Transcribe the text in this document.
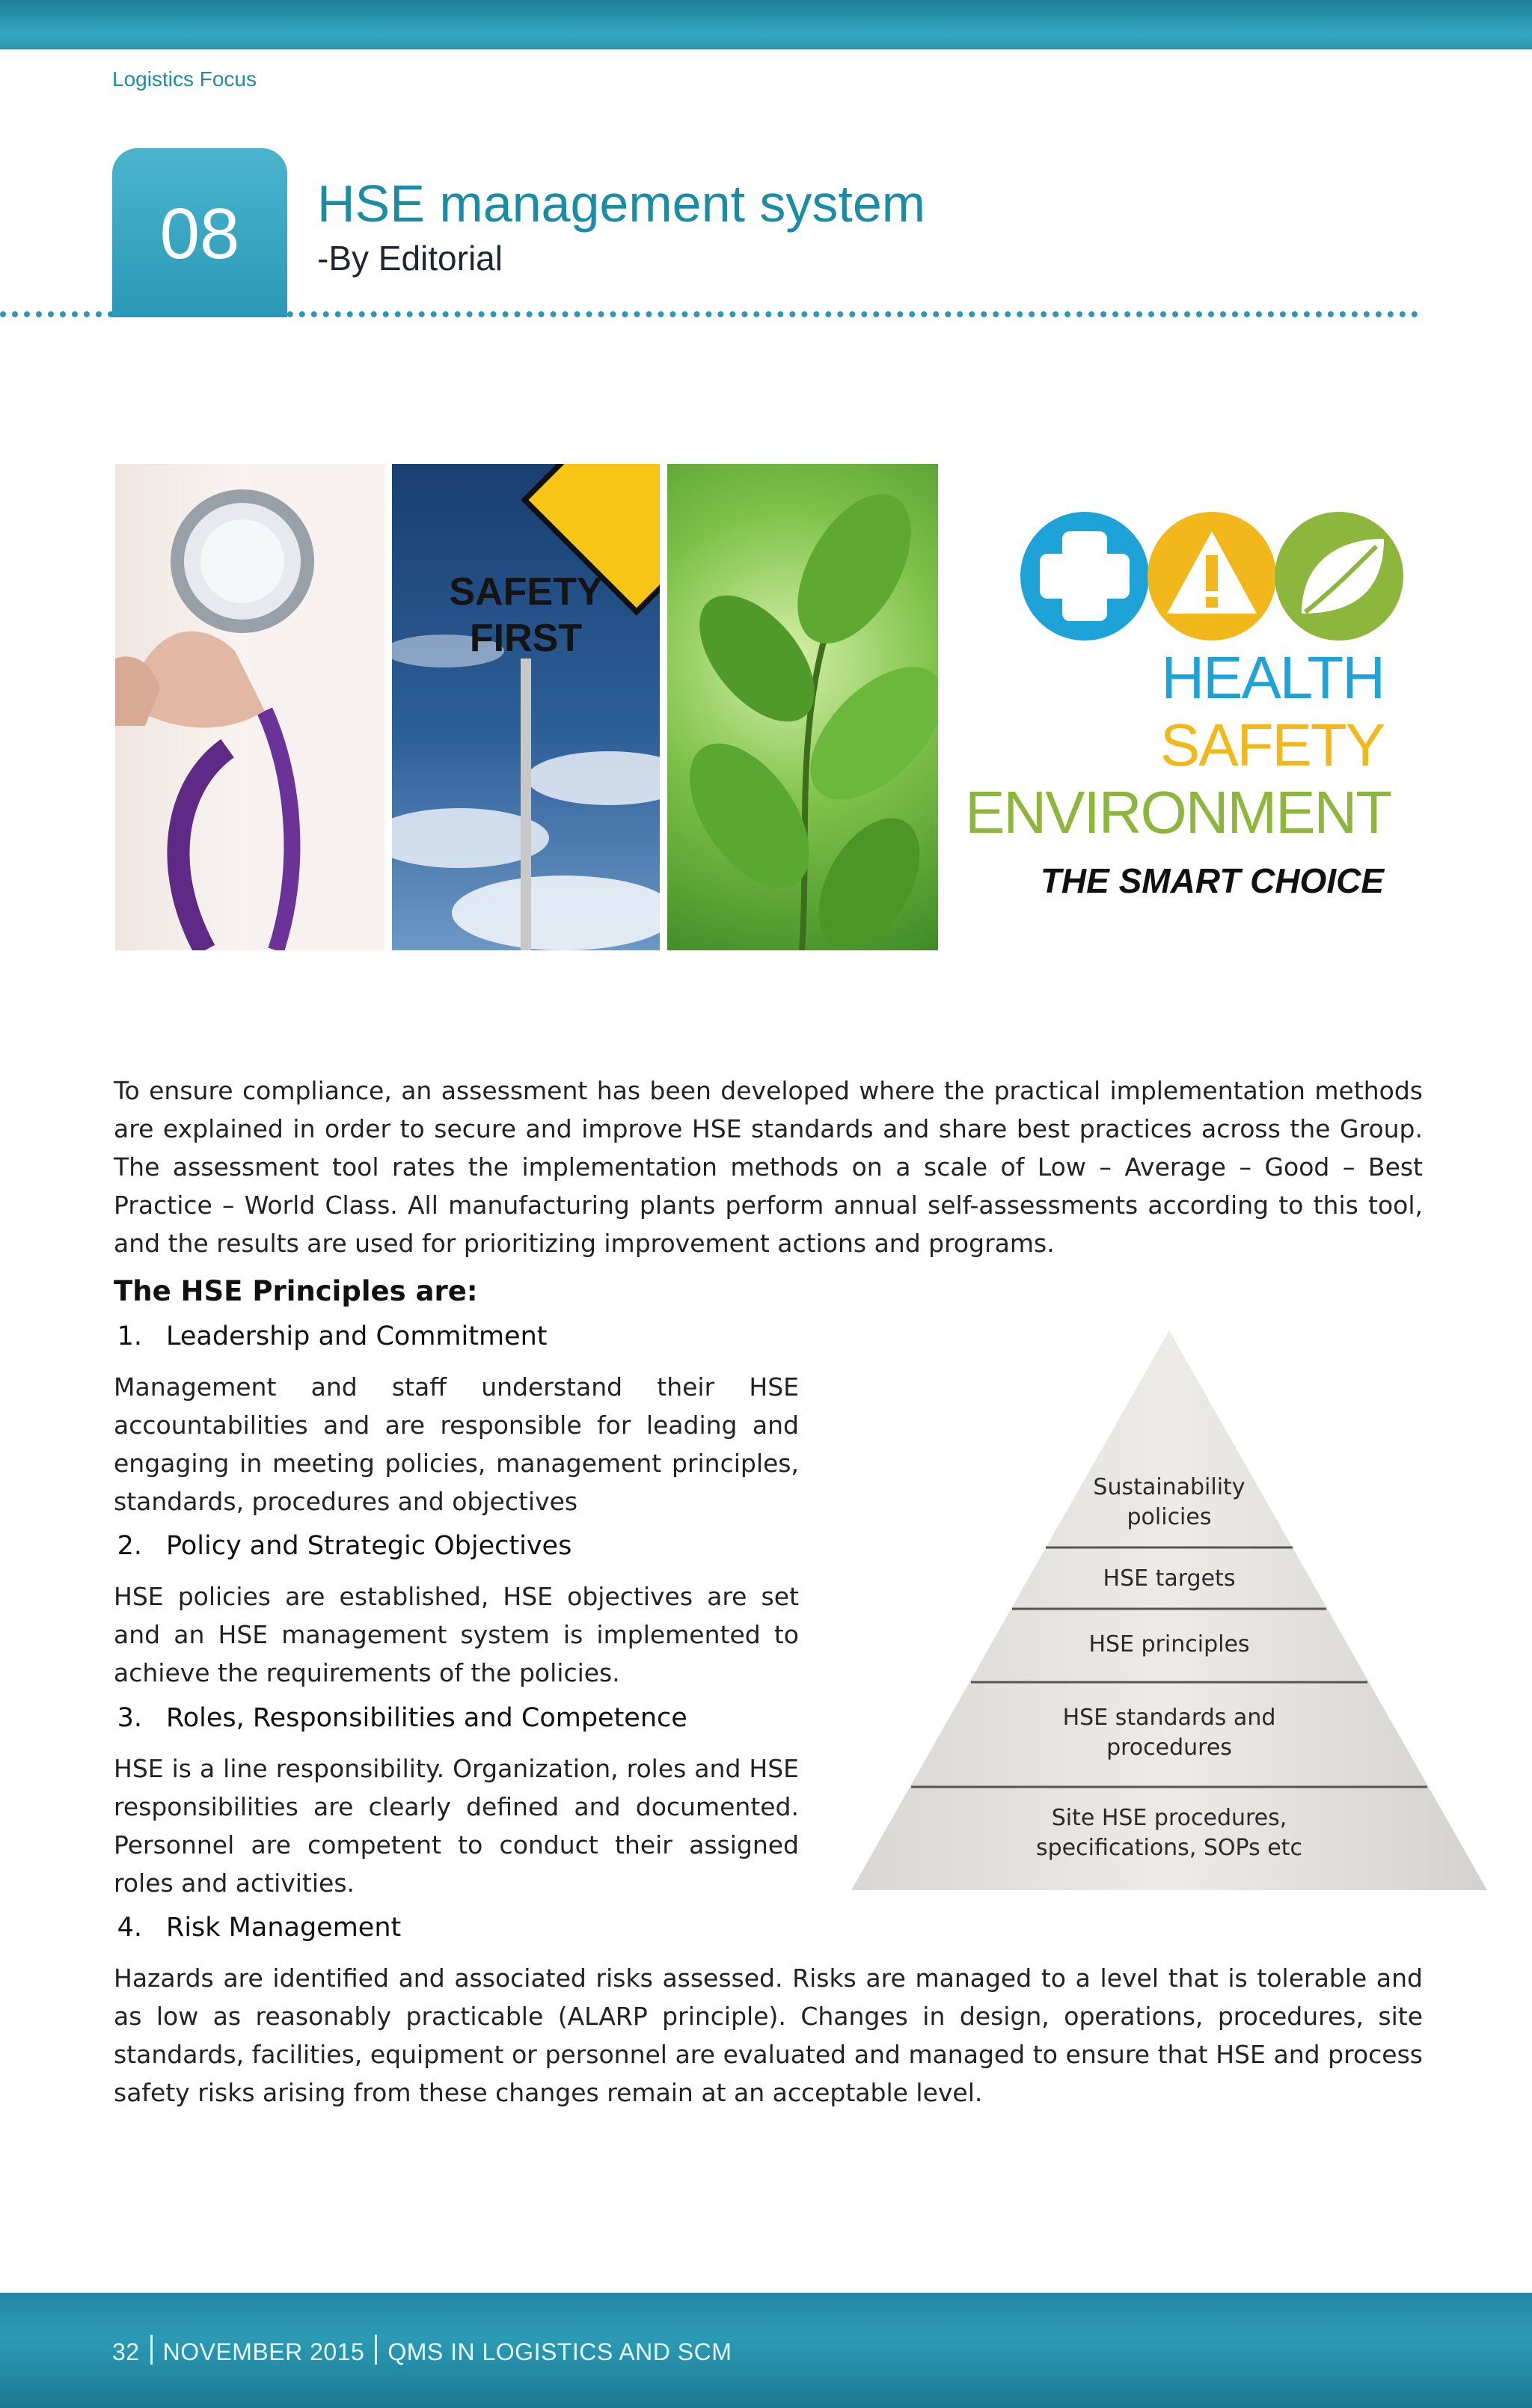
Logistics Focus
08	HSE management system
-By Editorial
SAFETY
FIRST
HEALTH
SAFETY
ENVIRONMENT
THE SMART CHOICE
To ensure compliance, an assessment has been developed where the practical implementation methods are explained in order to secure and improve HSE standards and share best practices across the Group. The assessment tool rates the implementation methods on a scale of Low – Average – Good – Best Practice – World Class. All manufacturing plants perform annual self-assessments according to this tool, and the results are used for prioritizing improvement actions and programs.
The HSE Principles are:
1. Leadership and Commitment
Management and staff understand their HSE accountabilities and are responsible for leading and engaging in meeting policies, management principles, standards, procedures and objectives
2. Policy and Strategic Objectives
HSE policies are established, HSE objectives are set and an HSE management system is implemented to achieve the requirements of the policies.
3. Roles, Responsibilities and Competence
HSE is a line responsibility. Organization, roles and HSE responsibilities are clearly defined and documented. Personnel are competent to conduct their assigned roles and activities.
4. Risk Management
Hazards are identified and associated risks assessed. Risks are managed to a level that is tolerable and as low as reasonably practicable (ALARP principle). Changes in design, operations, procedures, site standards, facilities, equipment or personnel are evaluated and managed to ensure that HSE and process safety risks arising from these changes remain at an acceptable level.
Sustainability
policies
HSE targets
HSE principles
HSE standards and
procedures
Site HSE procedures,
specifications, SOPs etc
32 NOVEMBER 2015 QMS IN LOGISTICS AND SCM
